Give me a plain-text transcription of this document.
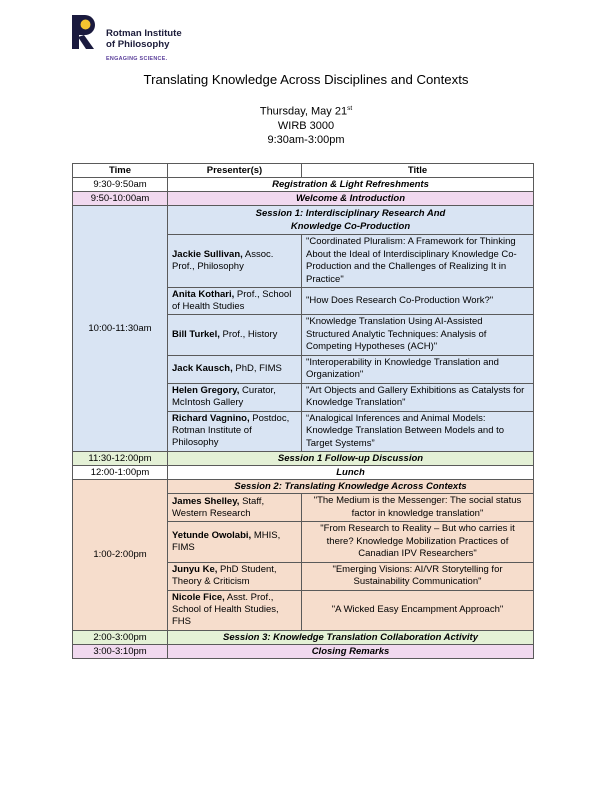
Rotman Institute
of Philosophy
ENGAGING SCIENCE.
Translating Knowledge Across Disciplines and Contexts
Thursday, May 21st
WIRB 3000
9:30am-3:00pm
Time	Presenter(s)	Title
9:30-9:50am	Registration & Light Refreshments	
9:50-10:00am	Welcome & Introduction	
10:00-11:30am	Session 1: Interdisciplinary Research And
Knowledge Co-Production	

	Jackie Sullivan, Assoc. Prof., Philosophy	"Coordinated Pluralism: A Framework for Thinking About the Ideal of Interdisciplinary Knowledge Co-Production and the Challenges of Realizing It in Practice"
	Anita Kothari, Prof., School of Health Studies	"How Does Research Co-Production Work?"
	Bill Turkel, Prof., History	"Knowledge Translation Using AI-Assisted Structured Analytic Techniques: Analysis of Competing Hypotheses (ACH)"
	Jack Kausch, PhD, FIMS	"Interoperability in Knowledge Translation and Organization"
	Helen Gregory, Curator, McIntosh Gallery	"Art Objects and Gallery Exhibitions as Catalysts for Knowledge Translation"
	Richard Vagnino, Postdoc, Rotman Institute of Philosophy	“Analogical Inferences and Animal Models: Knowledge Translation Between Models and to Target Systems”
11:30-12:00pm	Session 1 Follow-up Discussion	
12:00-1:00pm	Lunch	
1:00-2:00pm	Session 2: Translating Knowledge Across Contexts	
	James Shelley, Staff, Western Research	"The Medium is the Messenger: The social status factor in knowledge translation"
	Yetunde Owolabi, MHIS, FIMS	"From Research to Reality – But who carries it there? Knowledge Mobilization Practices of Canadian IPV Researchers"
	Junyu Ke, PhD Student, Theory & Criticism	"Emerging Visions: AI/VR Storytelling for Sustainability Communication"
	Nicole Fice, Asst. Prof., School of Health Studies, FHS	"A Wicked Easy Encampment Approach"
2:00-3:00pm	Session 3: Knowledge Translation Collaboration Activity	
3:00-3:10pm	Closing Remarks	
